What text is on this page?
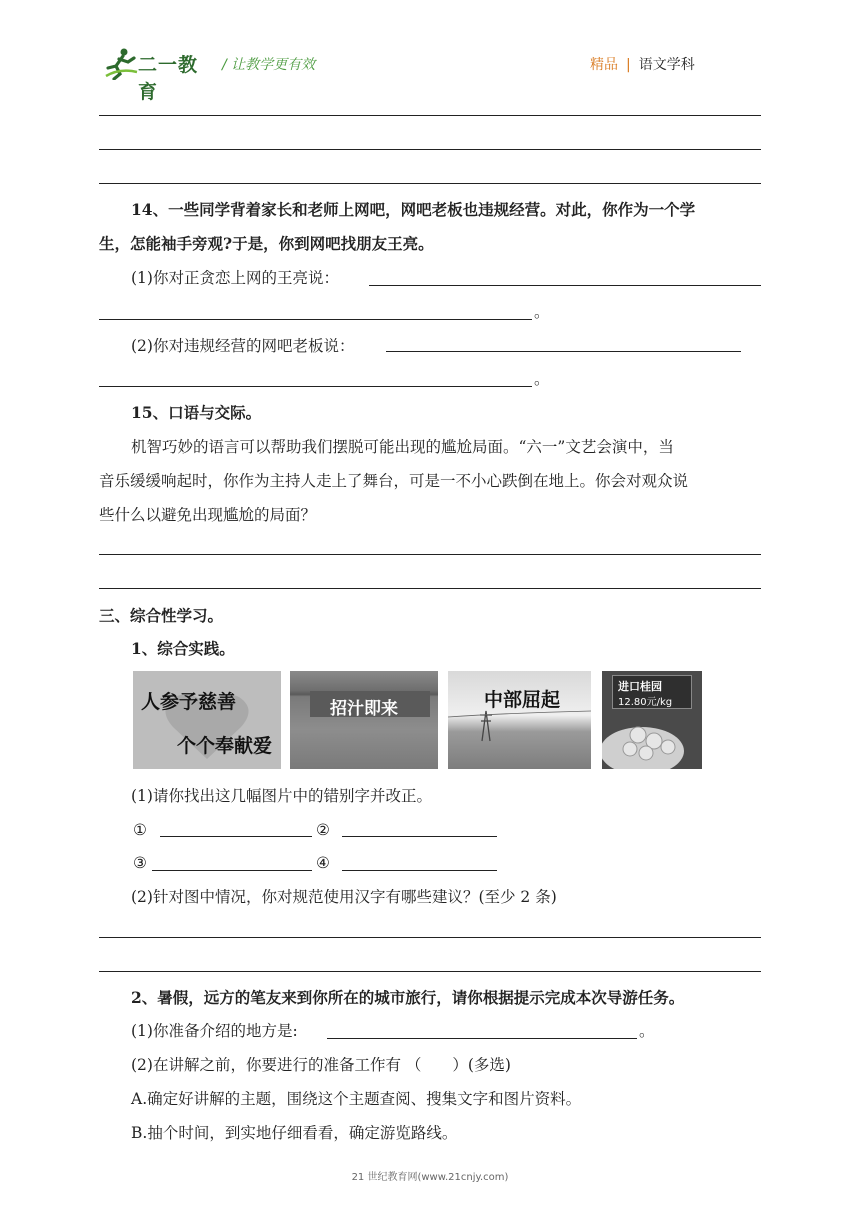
二一教育
/ 让教学更有效	精品 | 语文学科
14、一些同学背着家长和老师上网吧，网吧老板也违规经营。对此，你作为一个学
生，怎能袖手旁观?于是，你到网吧找朋友王亮。
(1)你对正贪恋上网的王亮说：
。
(2)你对违规经营的网吧老板说：
。
15、口语与交际。
机智巧妙的语言可以帮助我们摆脱可能出现的尴尬局面。“六一”文艺会演中，当
音乐缓缓响起时，你作为主持人走上了舞台，可是一不小心跌倒在地上。你会对观众说
些什么以避免出现尴尬的局面？
三、综合性学习。
1、综合实践。
人参予慈善
个个奉献爱
招汁即来	中部屈起
进口桂园
12.80元/kg
(1)请你找出这几幅图片中的错别字并改正。
①	②
③	④
(2)针对图中情况，你对规范使用汉字有哪些建议？(至少 2 条)
2、暑假，远方的笔友来到你所在的城市旅行，请你根据提示完成本次导游任务。
(1)你准备介绍的地方是:	。
(2)在讲解之前，你要进行的准备工作有 （　　）(多选)
A.确定好讲解的主题，围绕这个主题查阅、搜集文字和图片资料。
B.抽个时间，到实地仔细看看，确定游览路线。
21 世纪教育网(www.21cnjy.com)
